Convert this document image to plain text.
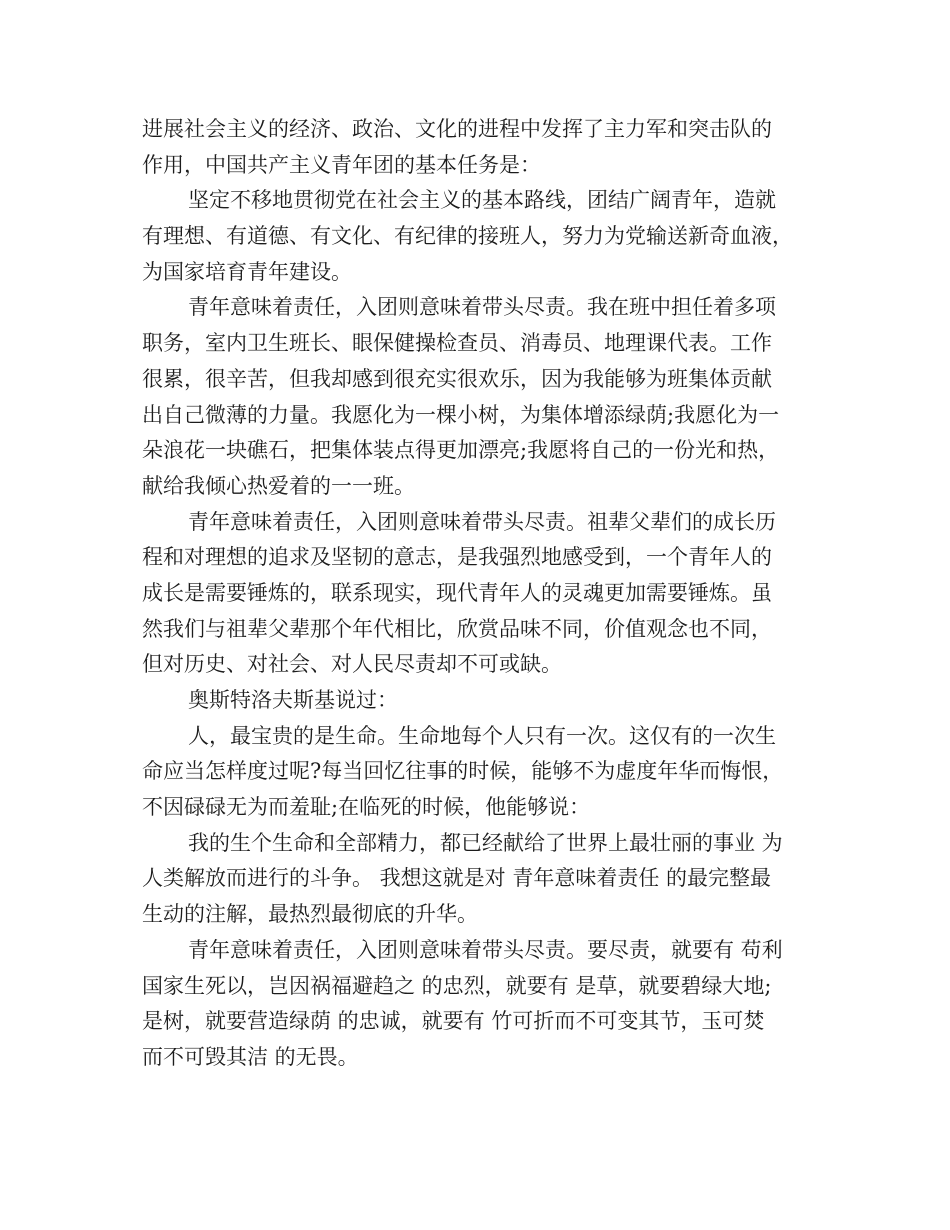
进展社会主义的经济、政治、文化的进程中发挥了主力军和突击队的
作用，中国共产主义青年团的基本任务是：
坚定不移地贯彻党在社会主义的基本路线，团结广阔青年，造就
有理想、有道德、有文化、有纪律的接班人，努力为党输送新奇血液，
为国家培育青年建设。
青年意味着责任，入团则意味着带头尽责。我在班中担任着多项
职务，室内卫生班长、眼保健操检查员、消毒员、地理课代表。工作
很累，很辛苦，但我却感到很充实很欢乐，因为我能够为班集体贡献
出自己微薄的力量。我愿化为一棵小树，为集体增添绿荫;我愿化为一
朵浪花一块礁石，把集体装点得更加漂亮;我愿将自己的一份光和热，
献给我倾心热爱着的一一班。
青年意味着责任，入团则意味着带头尽责。祖辈父辈们的成长历
程和对理想的追求及坚韧的意志，是我强烈地感受到，一个青年人的
成长是需要锤炼的，联系现实，现代青年人的灵魂更加需要锤炼。虽
然我们与祖辈父辈那个年代相比，欣赏品味不同，价值观念也不同，
但对历史、对社会、对人民尽责却不可或缺。
奥斯特洛夫斯基说过：
人，最宝贵的是生命。生命地每个人只有一次。这仅有的一次生
命应当怎样度过呢?每当回忆往事的时候，能够不为虚度年华而悔恨，
不因碌碌无为而羞耻;在临死的时候，他能够说：
我的生个生命和全部精力，都已经献给了世界上最壮丽的事业 为
人类解放而进行的斗争。 我想这就是对 青年意味着责任 的最完整最
生动的注解，最热烈最彻底的升华。
青年意味着责任，入团则意味着带头尽责。要尽责，就要有 苟利
国家生死以，岂因祸福避趋之 的忠烈，就要有 是草，就要碧绿大地;
是树，就要营造绿荫 的忠诚，就要有 竹可折而不可变其节，玉可焚
而不可毁其洁 的无畏。
